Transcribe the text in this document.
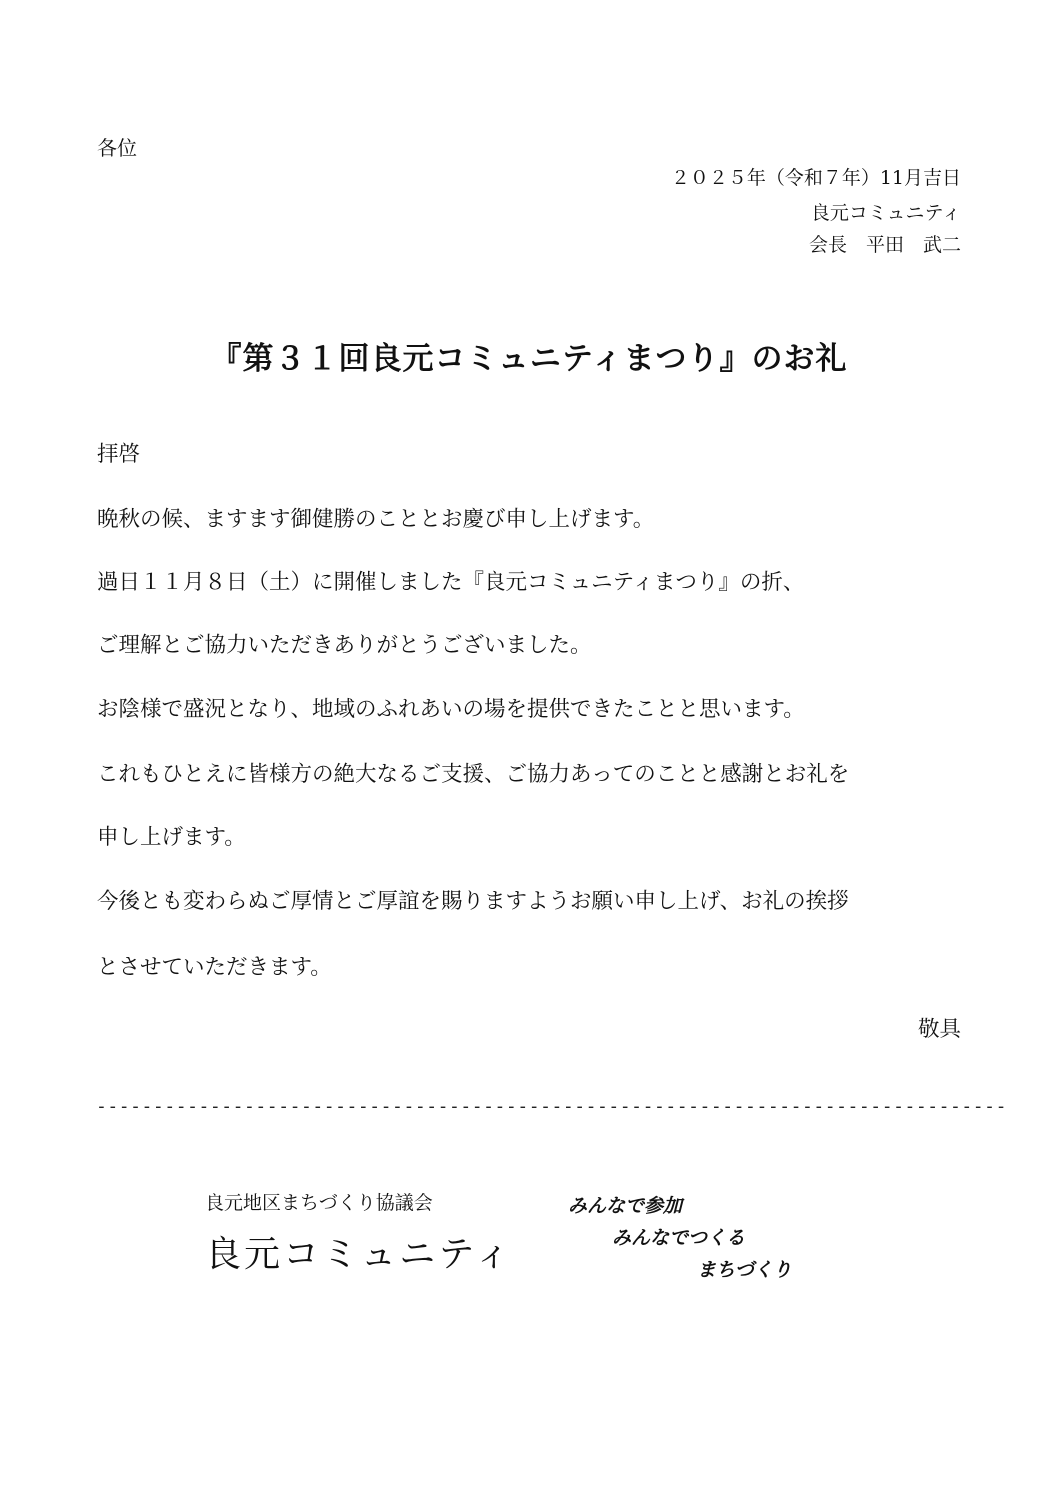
各位
２０２５年（令和７年）11月吉日
良元コミュニティ
会長　平田　武二
『第３１回良元コミュニティまつり』のお礼
拝啓
晩秋の候、ますます御健勝のこととお慶び申し上げます。
過日１１月８日（土）に開催しました『良元コミュニティまつり』の折、
ご理解とご協力いただきありがとうございました。
お陰様で盛況となり、地域のふれあいの場を提供できたことと思います。
これもひとえに皆様方の絶大なるご支援、ご協力あってのことと感謝とお礼を
申し上げます。
今後とも変わらぬご厚情とご厚誼を賜りますようお願い申し上げ、お礼の挨拶
とさせていただきます。
敬具
--------------------------------------------------------------------------------
良元地区まちづくり協議会
良元コミュニティ
みんなで参加
みんなでつくる
まちづくり
